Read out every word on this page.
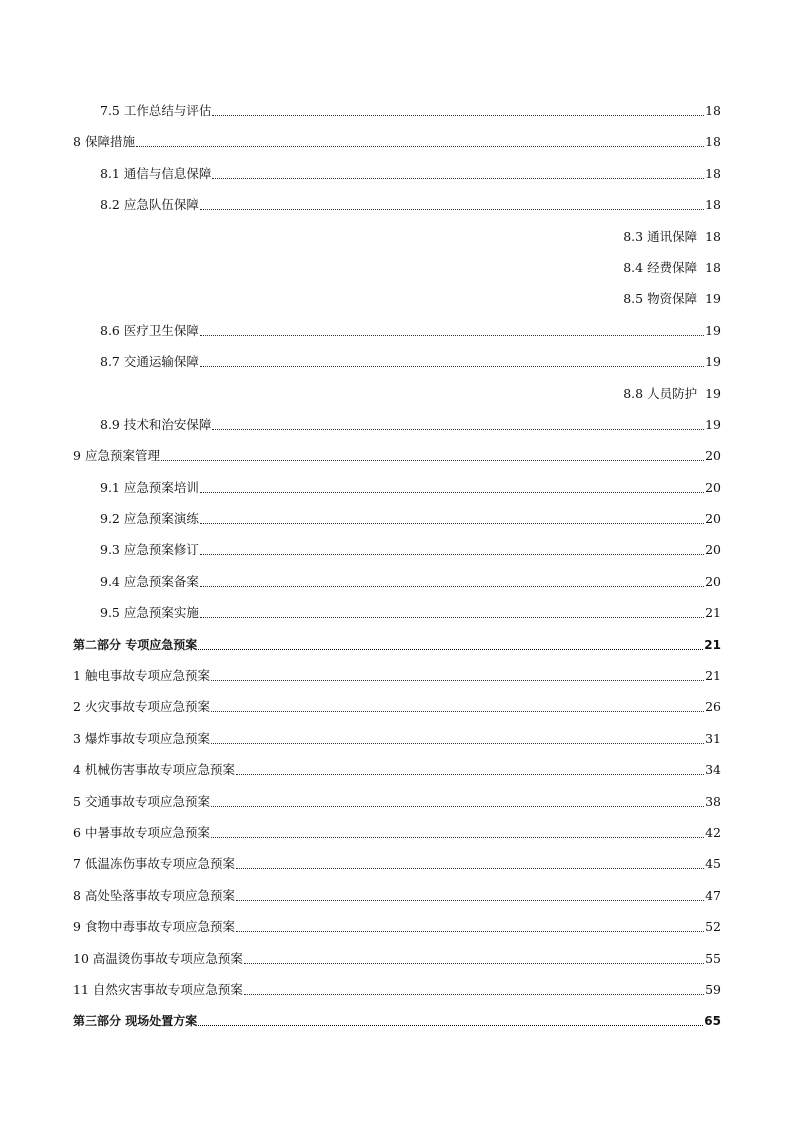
7.5 工作总结与评估	18
8 保障措施	18
8.1 通信与信息保障	18
8.2 应急队伍保障	18
8.3 通讯保障 18
8.4 经费保障 18
8.5 物资保障 19
8.6 医疗卫生保障	19
8.7 交通运输保障	19
8.8 人员防护 19
8.9 技术和治安保障	19
9 应急预案管理	20
9.1 应急预案培训	20
9.2 应急预案演练	20
9.3 应急预案修订	20
9.4 应急预案备案	20
9.5 应急预案实施	21
第二部分 专项应急预案	21
1 触电事故专项应急预案	21
2 火灾事故专项应急预案	26
3 爆炸事故专项应急预案	31
4 机械伤害事故专项应急预案	34
5 交通事故专项应急预案	38
6 中暑事故专项应急预案	42
7 低温冻伤事故专项应急预案	45
8 高处坠落事故专项应急预案	47
9 食物中毒事故专项应急预案	52
10 高温烫伤事故专项应急预案	55
11 自然灾害事故专项应急预案	59
第三部分 现场处置方案	65
